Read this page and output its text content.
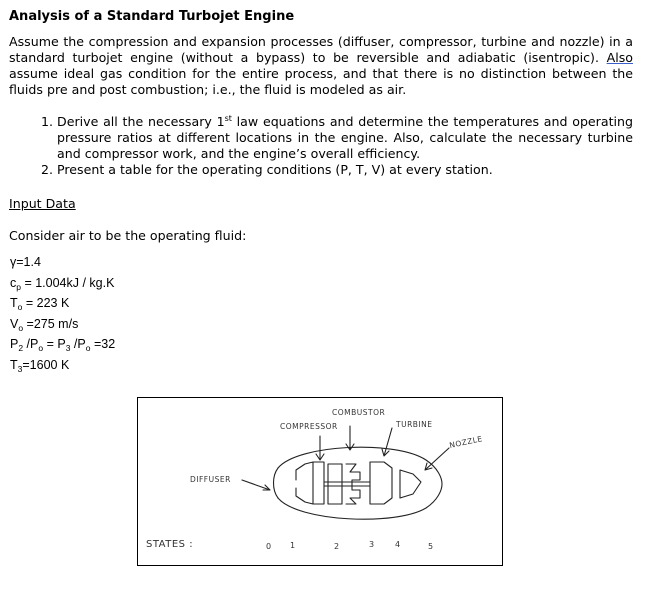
Analysis of a Standard Turbojet Engine
Assume the compression and expansion processes (diffuser, compressor, turbine and nozzle) in a standard turbojet engine (without a bypass) to be reversible and adiabatic (isentropic). Also assume ideal gas condition for the entire process, and that there is no distinction between the fluids pre and post combustion; i.e., the fluid is modeled as air.
1. Derive all the necessary 1st law equations and determine the temperatures and operating pressure ratios at different locations in the engine. Also, calculate the necessary turbine and compressor work, and the engine’s overall efficiency.
2. Present a table for the operating conditions (P, T, V) at every station.
Input Data
Consider air to be the operating fluid:
γ=1.4
$c_p = 1.004kJ / kg.K$
$T_o = 223$ K
$V_o =275$ m/s
$P_2$ $/P_o = P_3$ $/P_o =32$
$T_3=1600$ K
COMBUSTOR
COMPRESSOR	TURBINE
NOZZLE
DIFFUSER
STATES :	0 1	2	3	4	5
